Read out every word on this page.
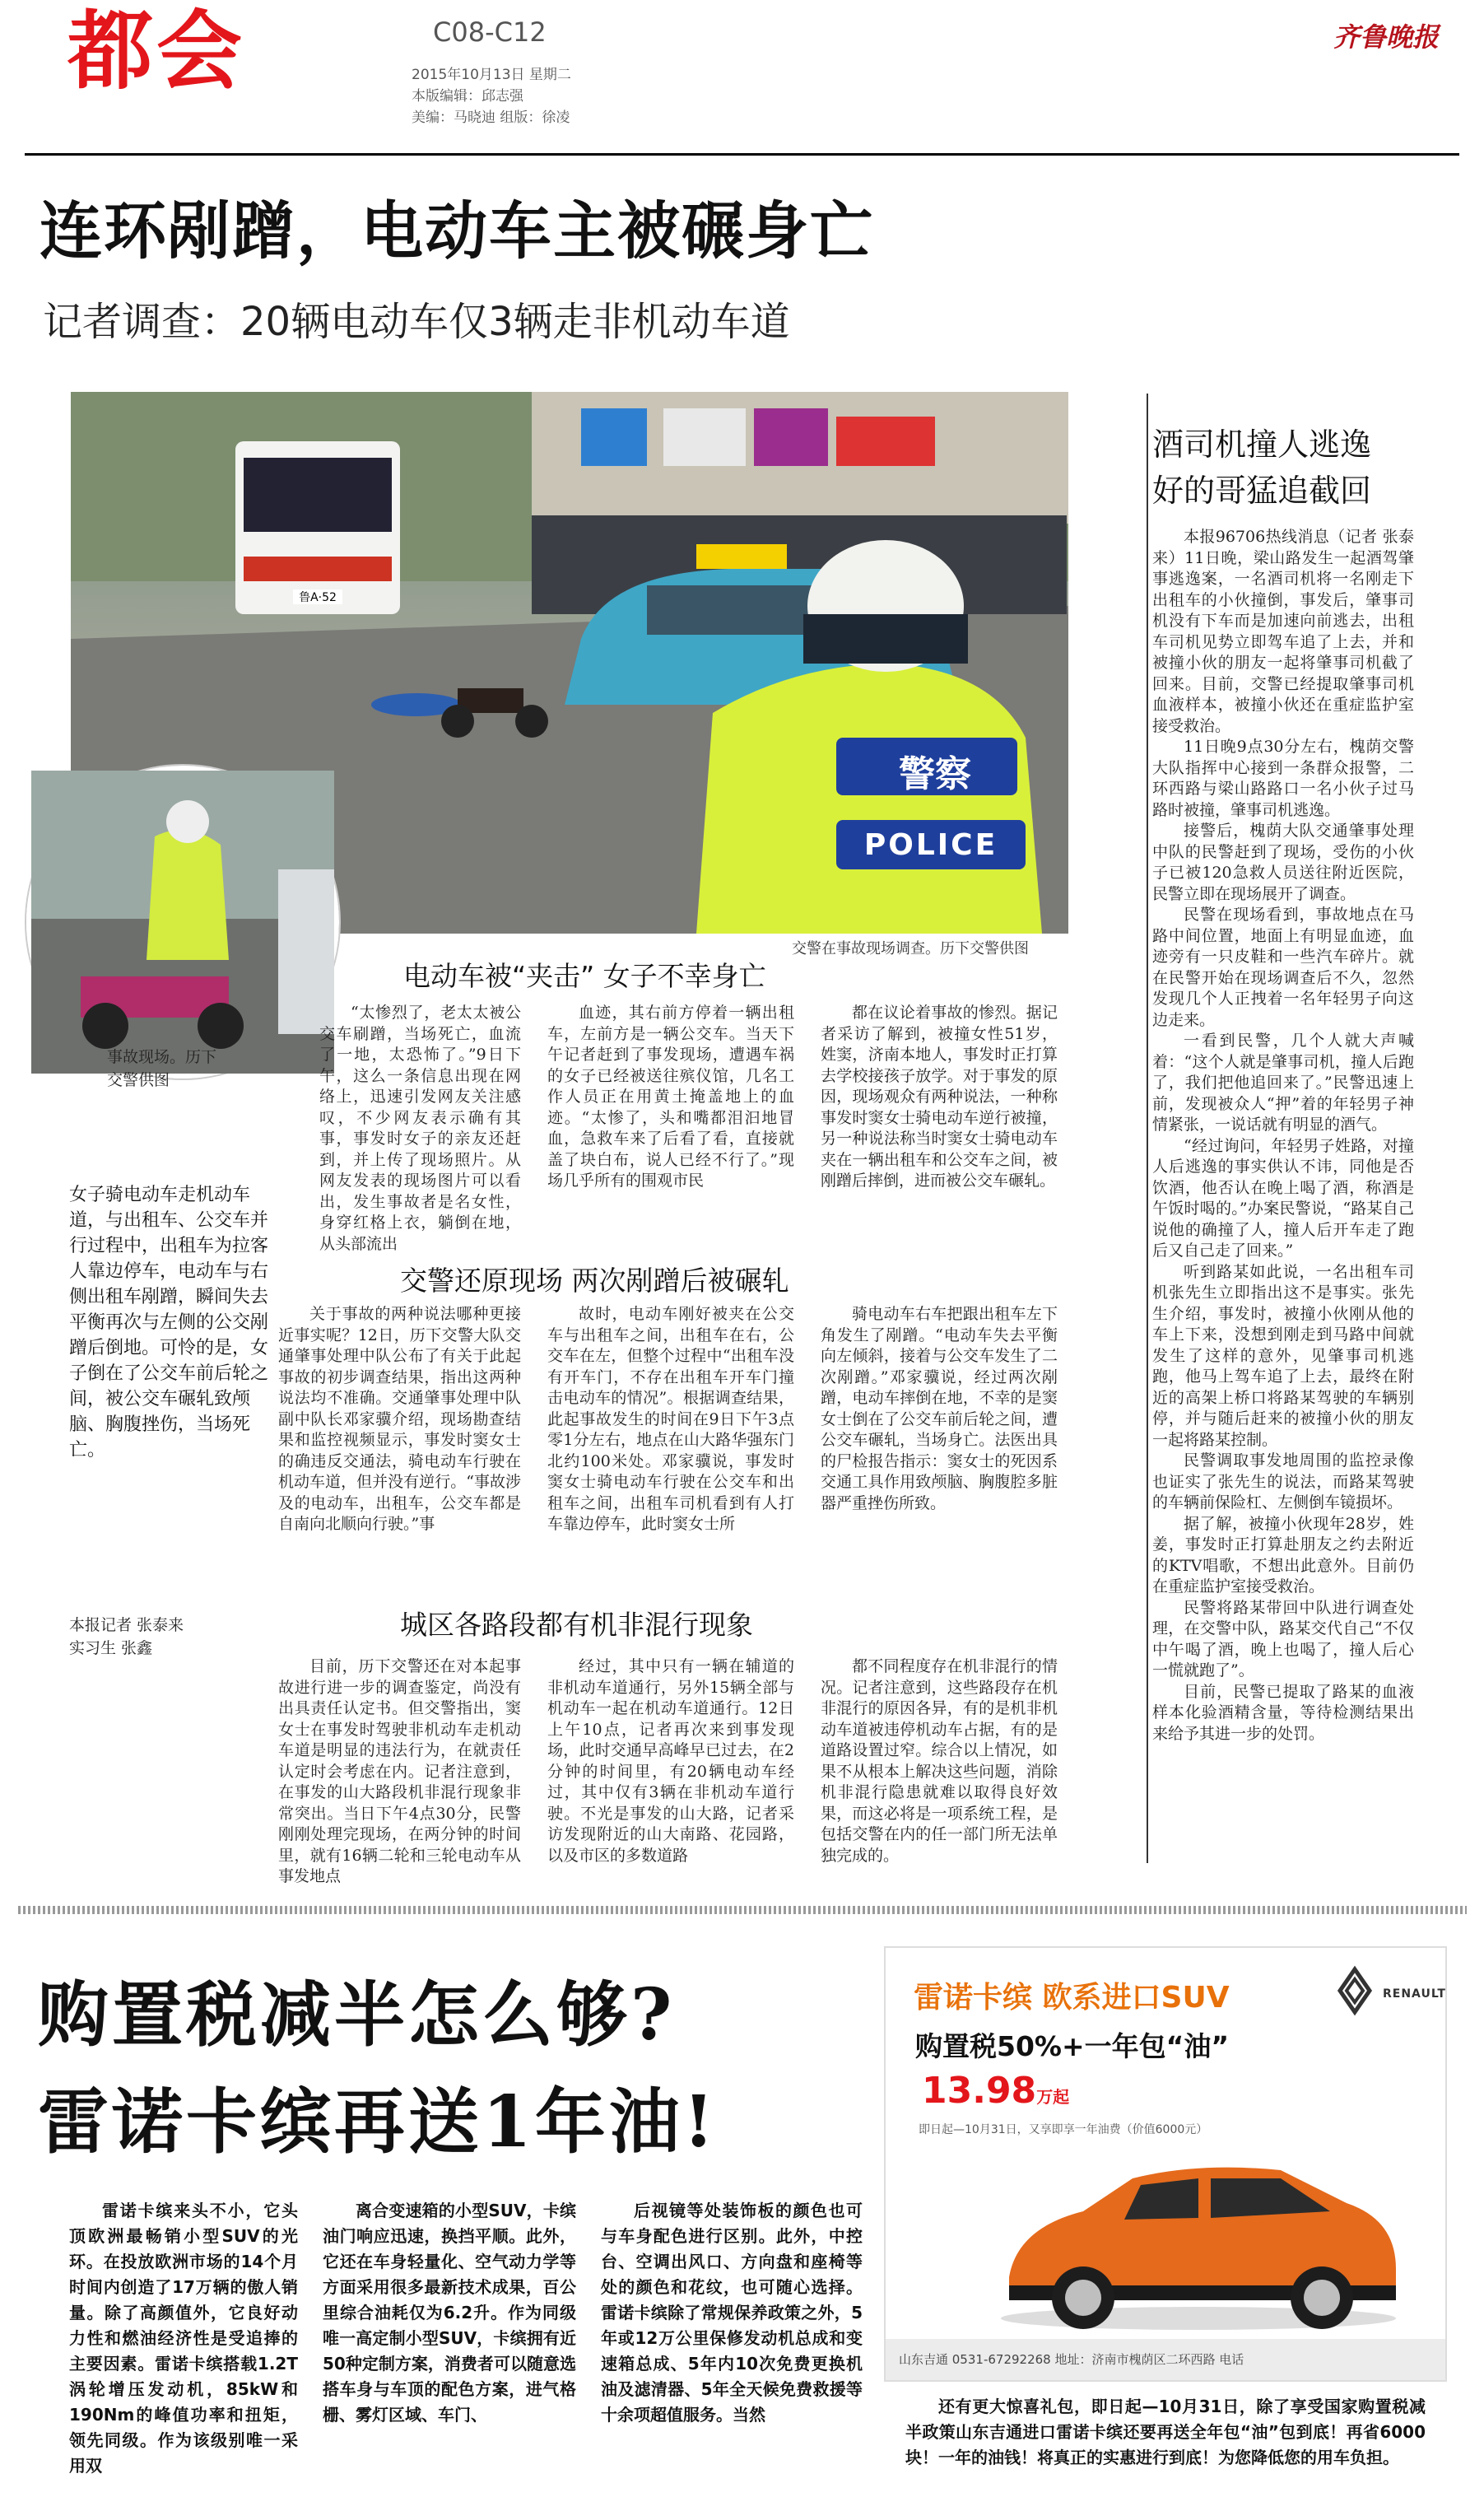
都会	C08-C12
2015年10月13日 星期二
本版编辑：邱志强
美编：马晓迪 组版：徐凌
齐鲁晚报
连环剐蹭，电动车主被碾身亡
记者调查：20辆电动车仅3辆走非机动车道
鲁A·52
警察
POLICE
交警在事故现场调查。历下交警供图
事故现场。历下交警供图
女子骑电动车走机动车道，与出租车、公交车并行过程中，出租车为拉客人靠边停车，电动车与右侧出租车剐蹭，瞬间失去平衡再次与左侧的公交剐蹭后倒地。可怜的是，女子倒在了公交车前后轮之间，被公交车碾轧致颅脑、胸腹挫伤，当场死亡。
本报记者 张泰来
实习生 张鑫
电动车被“夹击” 女子不幸身亡

“太惨烈了，老太太被公交车刷蹭，当场死亡，血流了一地，太恐怖了。”9日下午，这么一条信息出现在网络上，迅速引发网友关注感叹，不少网友表示确有其事，事发时女子的亲友还赶到，并上传了现场照片。从网友发表的现场图片可以看出，发生事故者是名女性，身穿红格上衣，躺倒在地，从头部流出

血迹，其右前方停着一辆出租车，左前方是一辆公交车。当天下午记者赶到了事发现场，遭遇车祸的女子已经被送往殡仪馆，几名工作人员正在用黄土掩盖地上的血迹。“太惨了，头和嘴都泪汩地冒血，急救车来了后看了看，直接就盖了块白布，说人已经不行了。”现场几乎所有的围观市民

都在议论着事故的惨烈。据记者采访了解到，被撞女性51岁，姓窦，济南本地人，事发时正打算去学校接孩子放学。对于事发的原因，现场观众有两种说法，一种称事发时窦女士骑电动车逆行被撞，另一种说法称当时窦女士骑电动车夹在一辆出租车和公交车之间，被刚蹭后摔倒，进而被公交车碾轧。

交警还原现场 两次剐蹭后被碾轧

关于事故的两种说法哪种更接近事实呢？12日，历下交警大队交通肇事处理中队公布了有关于此起事故的初步调查结果，指出这两种说法均不准确。交通肇事处理中队副中队长邓家骥介绍，现场勘查结果和监控视频显示，事发时窦女士的确违反交通法，骑电动车行驶在机动车道，但并没有逆行。“事故涉及的电动车，出租车，公交车都是自南向北顺向行驶。”事

故时，电动车刚好被夹在公交车与出租车之间，出租车在右，公交车在左，但整个过程中“出租车没有开车门，不存在出租车开车门撞击电动车的情况”。根据调查结果，此起事故发生的时间在9日下午3点零1分左右，地点在山大路华强东门北约100米处。邓家骥说，事发时窦女士骑电动车行驶在公交车和出租车之间，出租车司机看到有人打车靠边停车，此时窦女士所

骑电动车右车把跟出租车左下角发生了剐蹭。“电动车失去平衡向左倾斜，接着与公交车发生了二次剐蹭。”邓家骥说，经过两次剐蹭，电动车摔倒在地，不幸的是窦女士倒在了公交车前后轮之间，遭公交车碾轧，当场身亡。法医出具的尸检报告指示：窦女士的死因系交通工具作用致颅脑、胸腹腔多脏器严重挫伤所致。

城区各路段都有机非混行现象

目前，历下交警还在对本起事故进行进一步的调查鉴定，尚没有出具责任认定书。但交警指出，窦女士在事发时驾驶非机动车走机动车道是明显的违法行为，在就责任认定时会考虑在内。记者注意到，在事发的山大路段机非混行现象非常突出。当日下午4点30分，民警刚刚处理完现场，在两分钟的时间里，就有16辆二轮和三轮电动车从事发地点

经过，其中只有一辆在辅道的非机动车道通行，另外15辆全部与机动车一起在机动车道通行。12日上午10点，记者再次来到事发现场，此时交通早高峰早已过去，在2分钟的时间里，有20辆电动车经过，其中仅有3辆在非机动车道行驶。不光是事发的山大路，记者采访发现附近的山大南路、花园路，以及市区的多数道路

都不同程度存在机非混行的情况。记者注意到，这些路段存在机非混行的原因各异，有的是机非机动车道被违停机动车占据，有的是道路设置过窄。综合以上情况，如果不从根本上解决这些问题，消除机非混行隐患就难以取得良好效果，而这必将是一项系统工程，是包括交警在内的任一部门所无法单独完成的。

酒司机撞人逃逸
好的哥猛追截回

本报96706热线消息（记者 张泰来）11日晚，梁山路发生一起酒驾肇事逃逸案，一名酒司机将一名刚走下出租车的小伙撞倒，事发后，肇事司机没有下车而是加速向前逃去，出租车司机见势立即驾车追了上去，并和被撞小伙的朋友一起将肇事司机截了回来。目前，交警已经提取肇事司机血液样本，被撞小伙还在重症监护室接受救治。

11日晚9点30分左右，槐荫交警大队指挥中心接到一条群众报警，二环西路与梁山路路口一名小伙子过马路时被撞，肇事司机逃逸。

接警后，槐荫大队交通肇事处理中队的民警赶到了现场，受伤的小伙子已被120急救人员送往附近医院，民警立即在现场展开了调查。

民警在现场看到，事故地点在马路中间位置，地面上有明显血迹，血迹旁有一只皮鞋和一些汽车碎片。就在民警开始在现场调查后不久，忽然发现几个人正拽着一名年轻男子向这边走来。

一看到民警，几个人就大声喊着：“这个人就是肇事司机，撞人后跑了，我们把他追回来了。”民警迅速上前，发现被众人“押”着的年轻男子神情紧张，一说话就有明显的酒气。

“经过询问，年轻男子姓路，对撞人后逃逸的事实供认不讳，同他是否饮酒，他否认在晚上喝了酒，称酒是午饭时喝的。”办案民警说，“路某自己说他的确撞了人，撞人后开车走了跑后又自己走了回来。”

听到路某如此说，一名出租车司机张先生立即指出这不是事实。张先生介绍，事发时，被撞小伙刚从他的车上下来，没想到刚走到马路中间就发生了这样的意外，见肇事司机逃跑，他马上驾车追了上去，最终在附近的高架上桥口将路某驾驶的车辆别停，并与随后赶来的被撞小伙的朋友一起将路某控制。

民警调取事发地周围的监控录像也证实了张先生的说法，而路某驾驶的车辆前保险杠、左侧倒车镜损坏。

据了解，被撞小伙现年28岁，姓姜，事发时正打算赴朋友之约去附近的KTV唱歌，不想出此意外。目前仍在重症监护室接受救治。

民警将路某带回中队进行调查处理，在交警中队，路某交代自己“不仅中午喝了酒，晚上也喝了，撞人后心一慌就跑了”。

目前，民警已提取了路某的血液样本化验酒精含量，等待检测结果出来给予其进一步的处罚。

购置税减半怎么够?
雷诺卡缤再送1年油!

雷诺卡缤来头不小，它头顶欧洲最畅销小型SUV的光环。在投放欧洲市场的14个月时间内创造了17万辆的傲人销量。除了高颜值外，它良好动力性和燃油经济性是受追捧的主要因素。雷诺卡缤搭载1.2T涡轮增压发动机，85kW和190Nm的峰值功率和扭矩，领先同级。作为该级别唯一采用双

离合变速箱的小型SUV，卡缤油门响应迅速，换挡平顺。此外，它还在车身轻量化、空气动力学等方面采用很多最新技术成果，百公里综合油耗仅为6.2升。作为同级唯一高定制小型SUV，卡缤拥有近50种定制方案，消费者可以随意选搭车身与车顶的配色方案，进气格栅、雾灯区域、车门、

后视镜等处装饰板的颜色也可与车身配色进行区别。此外，中控台、空调出风口、方向盘和座椅等处的颜色和花纹，也可随心选择。雷诺卡缤除了常规保养政策之外，5年或12万公里保修发动机总成和变速箱总成、5年内10次免费更换机油及滤清器、5年全天候免费救援等十余项超值服务。当然	还有更大惊喜礼包，即日起—10月31日，除了享受国家购置税减半政策山东吉通进口雷诺卡缤还要再送全年包“油”包到底！再省6000块！一年的油钱！将真正的实惠进行到底！为您降低您的用车负担。

雷诺卡缤 欧系进口SUV
购置税50%+一年包“油”
13.98万起
即日起—10月31日，又享即享一年油费（价值6000元）
RENAULT
山东吉通 0531-67292268 地址：济南市槐荫区二环西路 电话
